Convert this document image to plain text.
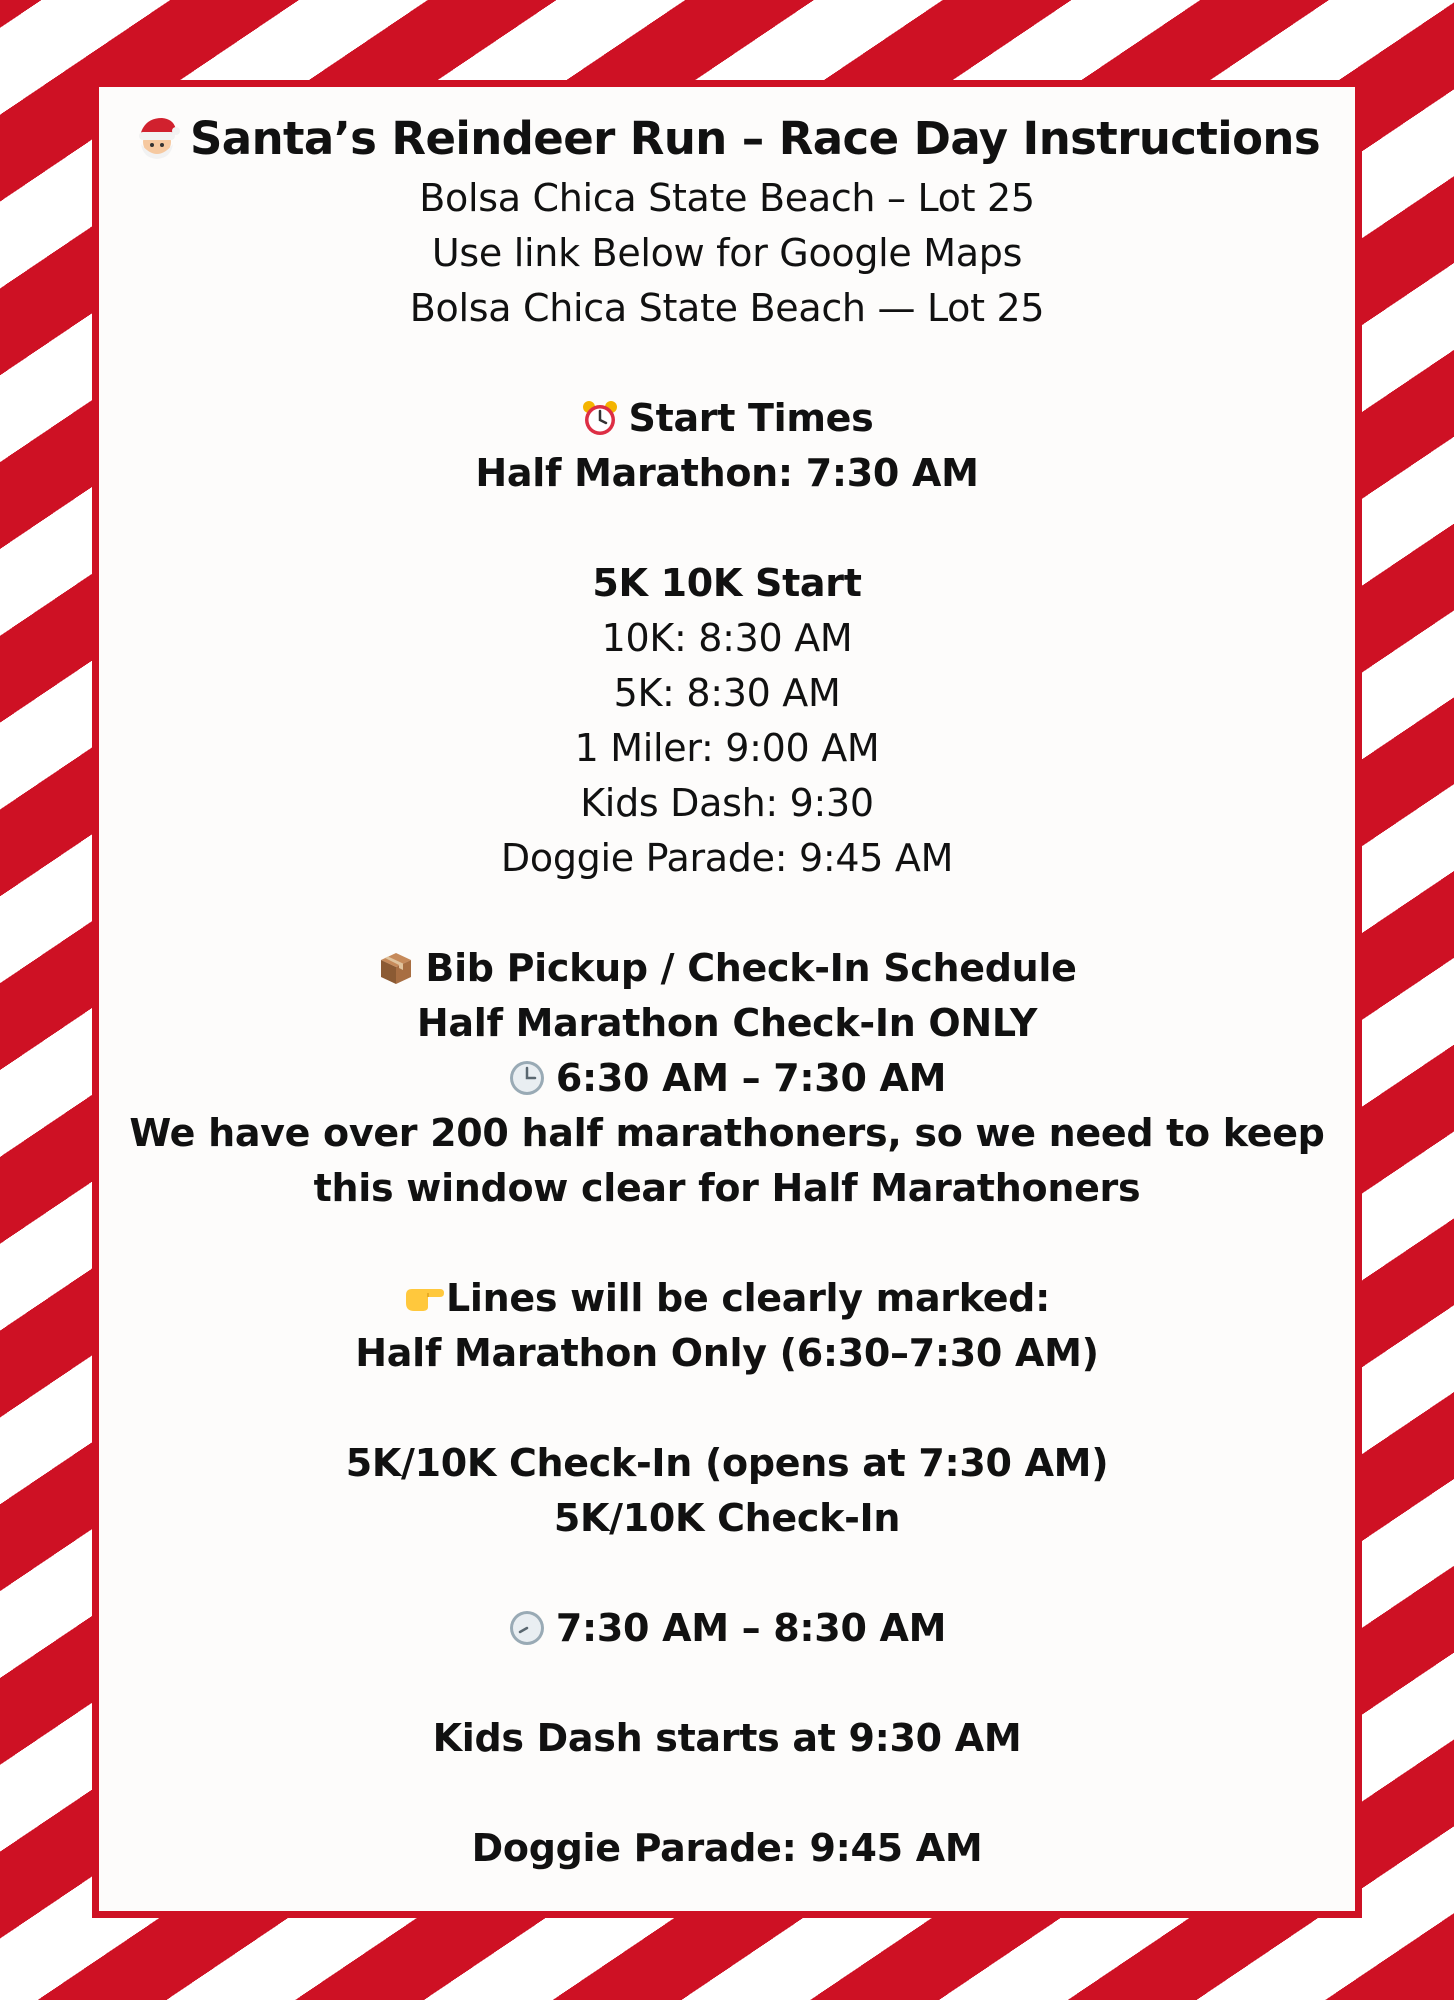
Santa’s Reindeer Run – Race Day Instructions
Bolsa Chica State Beach – Lot 25
Use link Below for Google Maps
Bolsa Chica State Beach — Lot 25
Start Times
Half Marathon: 7:30 AM
5K 10K Start
10K: 8:30 AM
5K: 8:30 AM
1 Miler: 9:00 AM
Kids Dash: 9:30
Doggie Parade: 9:45 AM
Bib Pickup / Check-In Schedule
Half Marathon Check-In ONLY
6:30 AM – 7:30 AM
We have over 200 half marathoners, so we need to keep
this window clear for Half Marathoners
Lines will be clearly marked:
Half Marathon Only (6:30–7:30 AM)
5K/10K Check-In (opens at 7:30 AM)
5K/10K Check-In
7:30 AM – 8:30 AM
Kids Dash starts at 9:30 AM
Doggie Parade: 9:45 AM
